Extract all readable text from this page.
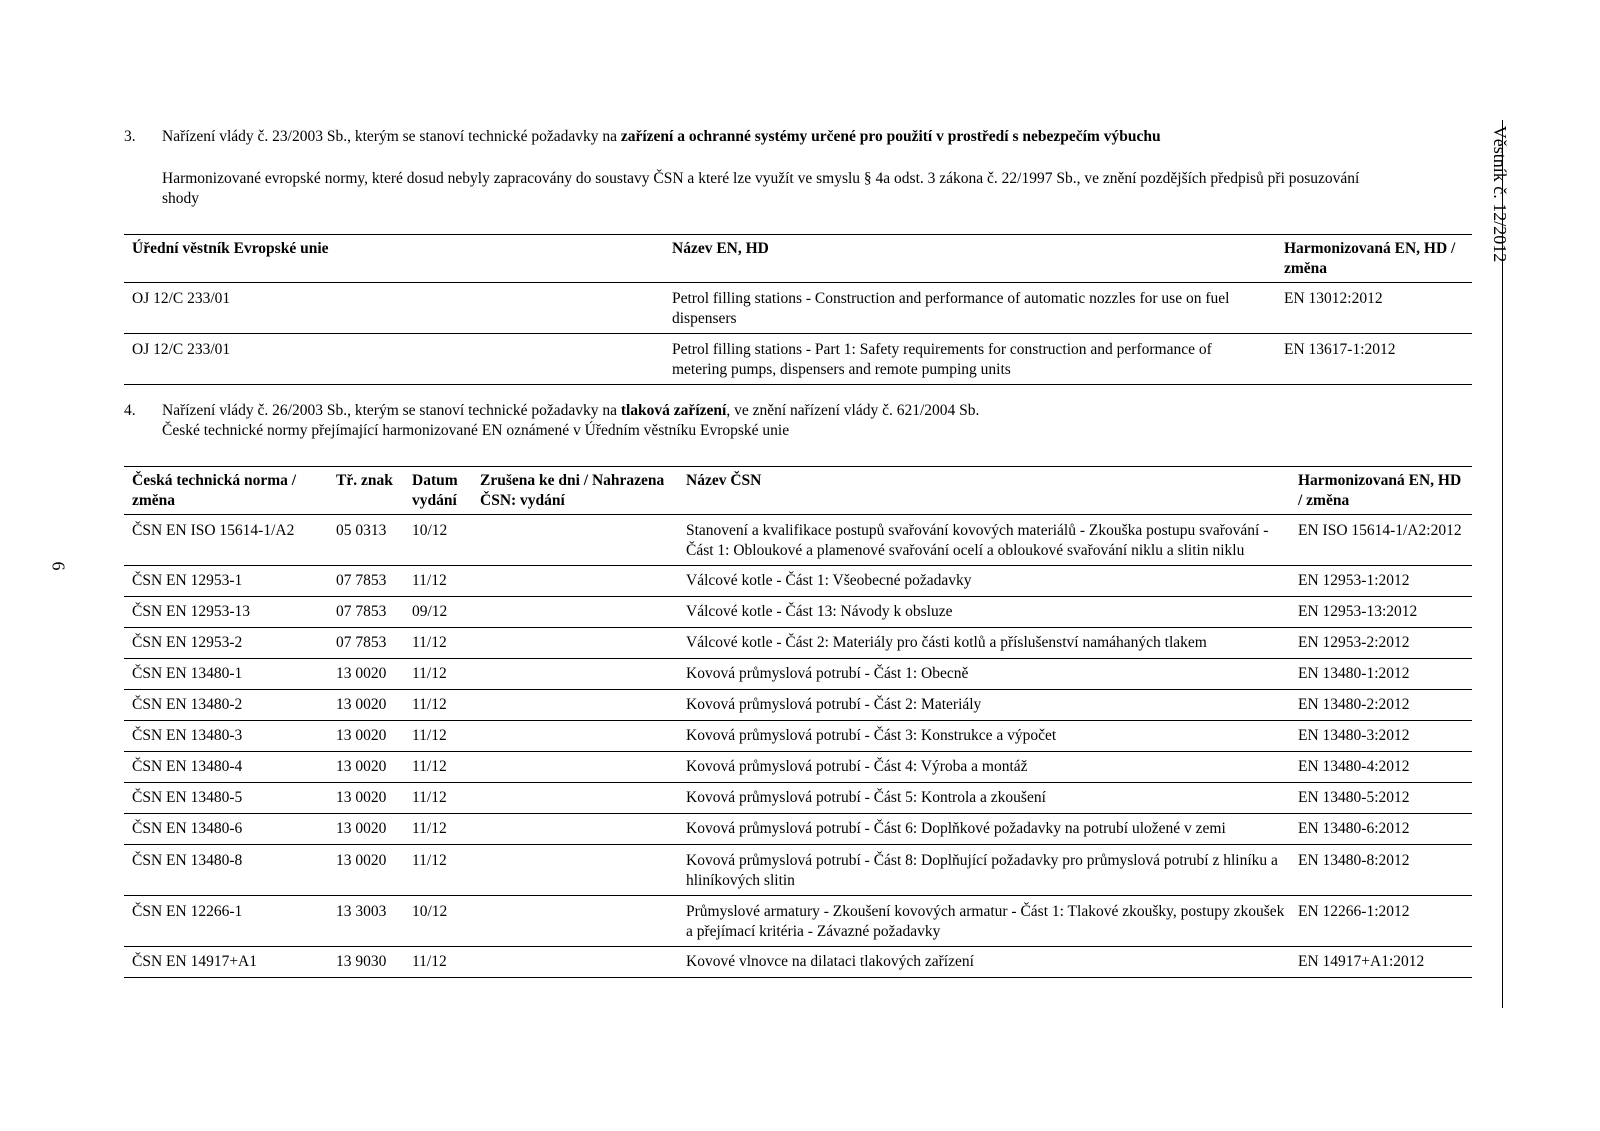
3. Nařízení vlády č. 23/2003 Sb., kterým se stanoví technické požadavky na zařízení a ochranné systémy určené pro použití v prostředí s nebezpečím výbuchu
Harmonizované evropské normy, které dosud nebyly zapracovány do soustavy ČSN a které lze využít ve smyslu § 4a odst. 3 zákona č. 22/1997 Sb., ve znění pozdějších předpisů při posuzování shody
Úřední věstník Evropské unie	Název EN, HD	Harmonizovaná EN, HD / změna
OJ 12/C 233/01	Petrol filling stations - Construction and performance of automatic nozzles for use on fuel dispensers	EN 13012:2012
OJ 12/C 233/01	Petrol filling stations - Part 1: Safety requirements for construction and performance of metering pumps, dispensers and remote pumping units	EN 13617-1:2012
4. Nařízení vlády č. 26/2003 Sb., kterým se stanoví technické požadavky na tlaková zařízení, ve znění nařízení vlády č. 621/2004 Sb.
České technické normy přejímající harmonizované EN oznámené v Úředním věstníku Evropské unie
Česká technická norma / změna	Tř. znak	Datum vydání	Zrušena ke dni / Nahrazena ČSN: vydání	Název ČSN	Harmonizovaná EN, HD / změna
ČSN EN ISO 15614-1/A2	05 0313	10/12		Stanovení a kvalifikace postupů svařování kovových materiálů - Zkouška postupu svařování - Část 1: Obloukové a plamenové svařování ocelí a obloukové svařování niklu a slitin niklu	EN ISO 15614-1/A2:2012
ČSN EN 12953-1	07 7853	11/12		Válcové kotle - Část 1: Všeobecné požadavky	EN 12953-1:2012
ČSN EN 12953-13	07 7853	09/12		Válcové kotle - Část 13: Návody k obsluze	EN 12953-13:2012
ČSN EN 12953-2	07 7853	11/12		Válcové kotle - Část 2: Materiály pro části kotlů a příslušenství namáhaných tlakem	EN 12953-2:2012
ČSN EN 13480-1	13 0020	11/12		Kovová průmyslová potrubí - Část 1: Obecně	EN 13480-1:2012
ČSN EN 13480-2	13 0020	11/12		Kovová průmyslová potrubí - Část 2: Materiály	EN 13480-2:2012
ČSN EN 13480-3	13 0020	11/12		Kovová průmyslová potrubí - Část 3: Konstrukce a výpočet	EN 13480-3:2012
ČSN EN 13480-4	13 0020	11/12		Kovová průmyslová potrubí - Část 4: Výroba a montáž	EN 13480-4:2012
ČSN EN 13480-5	13 0020	11/12		Kovová průmyslová potrubí - Část 5: Kontrola a zkoušení	EN 13480-5:2012
ČSN EN 13480-6	13 0020	11/12		Kovová průmyslová potrubí - Část 6: Doplňkové požadavky na potrubí uložené v zemi	EN 13480-6:2012
ČSN EN 13480-8	13 0020	11/12		Kovová průmyslová potrubí - Část 8: Doplňující požadavky pro průmyslová potrubí z hliníku a hliníkových slitin	EN 13480-8:2012
ČSN EN 12266-1	13 3003	10/12		Průmyslové armatury - Zkoušení kovových armatur - Část 1: Tlakové zkoušky, postupy zkoušek a přejímací kritéria - Závazné požadavky	EN 12266-1:2012
ČSN EN 14917+A1	13 9030	11/12		Kovové vlnovce na dilataci tlakových zařízení	EN 14917+A1:2012
6
Věstník č. 12/2012
